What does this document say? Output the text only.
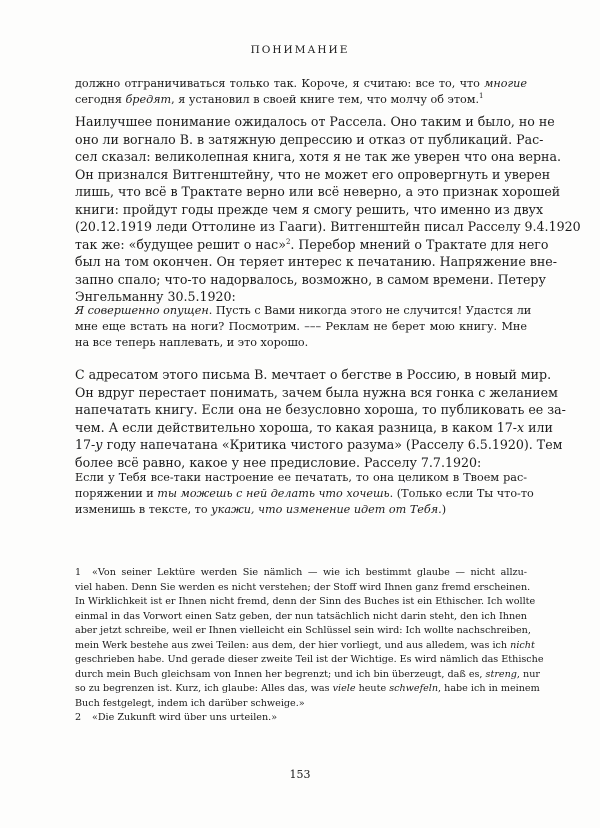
ПОНИМАНИЕ
должно отграничиваться только так. Короче, я считаю: все то, что многие
сегодня бредят, я установил в своей книге тем, что молчу об этом.$^1$
Наилучшее понимание ожидалось от Рассела. Оно таким и было, но не
оно ли вогнало В. в затяжную депрессию и отказ от публикаций. Рас-
сел сказал: великолепная книга, хотя я не так же уверен что она верна.
Он признался Витгенштейну, что не может его опровергнуть и уверен
лишь, что всё в Трактате верно или всё неверно, а это признак хорошей
книги: пройдут годы прежде чем я смогу решить, что именно из двух
(20.12.1919 леди Оттолине из Гааги). Витгенштейн писал Расселу 9.4.1920
так же: «будущее решит о нас»$^2$. Перебор мнений о Трактате для него
был на том окончен. Он теряет интерес к печатанию. Напряжение вне-
запно спало; что-то надорвалось, возможно, в самом времени. Петеру
Энгельманну 30.5.1920:
Я совершенно опущен. Пусть с Вами никогда этого не случится! Удастся ли
мне еще встать на ноги? Посмотрим. ––– Реклам не берет мою книгу. Мне
на все теперь наплевать, и это хорошо.
С адресатом этого письма В. мечтает о бегстве в Россию, в новый мир.
Он вдруг перестает понимать, зачем была нужна вся гонка с желанием
напечатать книгу. Если она не безусловно хороша, то публиковать ее за-
чем. А если действительно хороша, то какая разница, в каком 17-х или
17-у году напечатана «Критика чистого разума» (Расселу 6.5.1920). Тем
более всё равно, какое у нее предисловие. Расселу 7.7.1920:
Если у Тебя все-таки настроение ее печатать, то она целиком в Твоем рас-
поряжении и ты можешь с ней делать что хочешь. (Только если Ты что-то
изменишь в тексте, то укажи, что изменение идет от Тебя.)
1 «Von seiner Lektüre werden Sie nämlich — wie ich bestimmt glaube — nicht allzu-
viel haben. Denn Sie werden es nicht verstehen; der Stoff wird Ihnen ganz fremd erscheinen.
In Wirklichkeit ist er Ihnen nicht fremd, denn der Sinn des Buches ist ein Ethischer. Ich wollte
einmal in das Vorwort einen Satz geben, der nun tatsächlich nicht darin steht, den ich Ihnen
aber jetzt schreibe, weil er Ihnen vielleicht ein Schlüssel sein wird: Ich wollte nachschreiben,
mein Werk bestehe aus zwei Teilen: aus dem, der hier vorliegt, und aus alledem, was ich nicht
geschrieben habe. Und gerade dieser zweite Teil ist der Wichtige. Es wird nämlich das Ethische
durch mein Buch gleichsam von Innen her begrenzt; und ich bin überzeugt, daß es, streng, nur
so zu begrenzen ist. Kurz, ich glaube: Alles das, was viele heute schwefeln, habe ich in meinem
Buch festgelegt, indem ich darüber schweige.»
2 «Die Zukunft wird über uns urteilen.»
153
